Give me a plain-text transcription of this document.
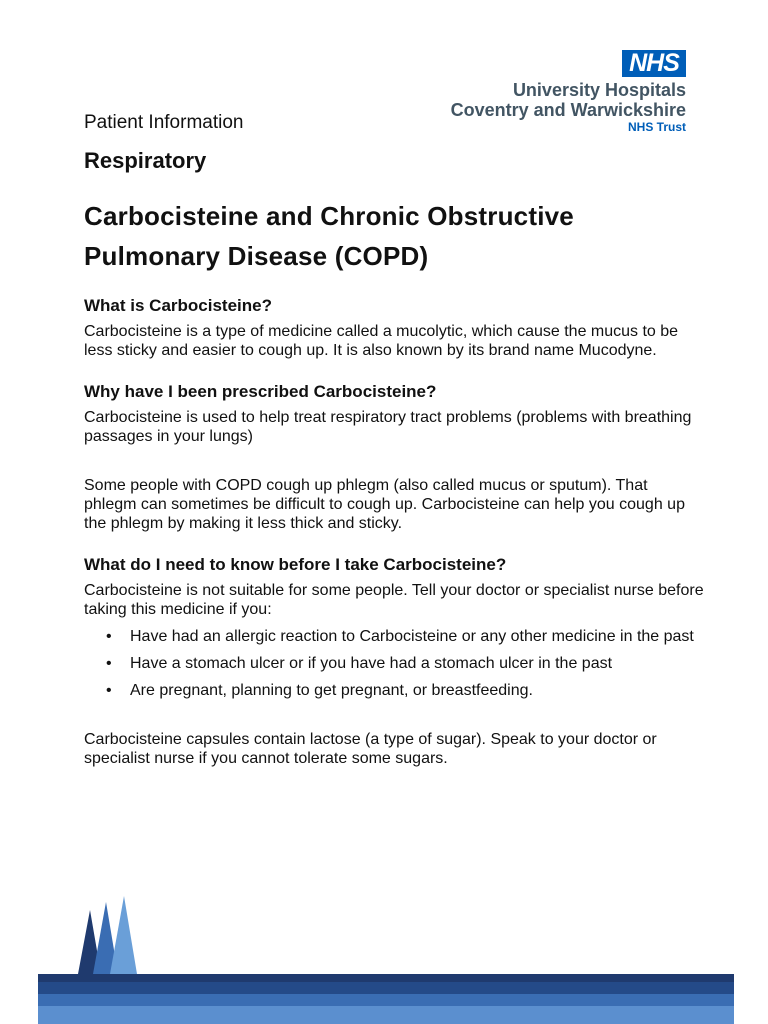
NHS
University Hospitals
Coventry and Warwickshire
NHS Trust
Patient Information
Respiratory
Carbocisteine and Chronic Obstructive Pulmonary Disease (COPD)
What is Carbocisteine?

Carbocisteine is a type of medicine called a mucolytic, which cause the mucus to be less sticky and easier to cough up. It is also known by its brand name Mucodyne.

Why have I been prescribed Carbocisteine?

Carbocisteine is used to help treat respiratory tract problems (problems with breathing passages in your lungs)

Some people with COPD cough up phlegm (also called mucus or sputum). That phlegm can sometimes be difficult to cough up. Carbocisteine can help you cough up the phlegm by making it less thick and sticky.

What do I need to know before I take Carbocisteine?

Carbocisteine is not suitable for some people. Tell your doctor or specialist nurse before taking this medicine if you:

• Have had an allergic reaction to Carbocisteine or any other medicine in the past
• Have a stomach ulcer or if you have had a stomach ulcer in the past
• Are pregnant, planning to get pregnant, or breastfeeding.

Carbocisteine capsules contain lactose (a type of sugar). Speak to your doctor or specialist nurse if you cannot tolerate some sugars.
